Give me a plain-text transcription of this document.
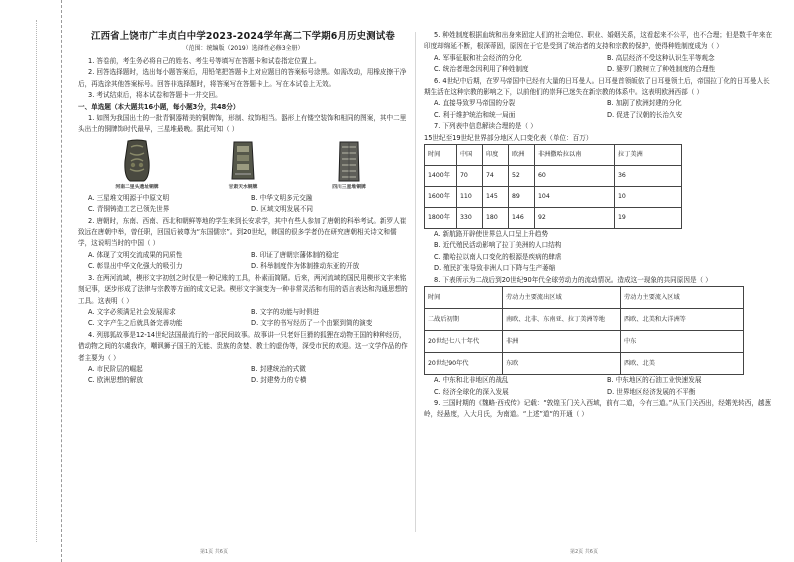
江西省上饶市广丰贞白中学2023-2024学年高二下学期6月历史测试卷
（范围：统编版（2019）选择性必修3全册）

1. 答卷前，考生务必将自己的姓名、考生号等填写在答题卡和试卷指定位置上。

2. 回答选择题时，选出每小题答案后，用铅笔把答题卡上对应题目的答案标号涂黑。如需改动，用橡皮擦干净后，再选涂其他答案标号。回答非选择题时，将答案写在答题卡上。写在本试卷上无效。

3. 考试结束后，将本试卷和答题卡一并交回。

一、单选题（本大题共16小题，每小题3分，共48分）

1. 如图为我国出土的一批青铜器精美的铜牌饰，形制、纹饰相当。器形上有镂空装饰和相同的图案，其中二里头出土的铜牌饰时代最早，三星堆最晚。据此可知（ ）

河南二里头遗址铜牌	甘肃天水铜牌	四川三星堆铜牌
A. 三星堆文明源于中原文明	B. 中华文明多元交融
C. 青铜铸造工艺已领先世界	D. 区域文明发展不同

2. 唐朝时，东南、西南、西北和朝鲜等地的学生来到长安求学，其中有些人参加了唐朝的科举考试。新罗人崔致远在唐朝中举，曾任职，回国后被尊为“东国儒宗”。到20世纪，韩国的很多学者仍在研究唐朝相关诗文和儒学，这说明当时的中国（ ）

A. 体现了文明交流成果的同质性	B. 印证了唐朝宗藩体制的稳定
C. 彰显出中华文化强大的吸引力	D. 科举制度作为体制推动东亚的开放

3. 在两河流域，楔形文字初创之时仅是一种记账的工具，朴素而简陋。后来，两河流域的国民用楔形文字来铭刻记事，逐步形成了法律与宗教等方面的成文记录。楔形文字演变为一种非常灵活和有用的语言表达和沟通思想的工具。这表明（ ）

A. 文字必须满足社会发展需求	B. 文字的功能与时俱进
C. 文字产生之后就具备完善功能	D. 文字的书写经历了一个由繁到简的演变

4. 列那狐故事是12-14世纪法国最流行的一部民间故事。故事讲一只老奸巨猾的狐狸在动物王国的种种经历，借动物之间的尔虞我诈，嘲讽狮子国王的无能、贵族的贪婪、教士的虚伪等，深受市民的欢迎。这一文学作品的作者主要为（ ）

A. 市民阶层的崛起	B. 封建统治的式微
C. 欧洲思想的解放	D. 封建势力的专横

5. 种姓制度根据血统和出身来固定人们的社会地位、职业、婚姻关系，这看起来不公平，也不合理；但是数千年来在印度却绵延不断，根深蒂固，原因在于它是受到了统治者的支持和宗教的保护，使得种姓制度成为（ ）

A. 军事征服和社会经济的分化	B. 高层经济不受这种认识生平等观念
C. 统治者理念因利用了种姓制度	D. 婆罗门教树立了种姓制度的合理性

6. 4世纪中后期，在罗马帝国中已经有大量的日耳曼人。日耳曼首领皈依了日耳曼领土后，帝国拉丁化的日耳曼人长期生活在这种宗教的影响之下，以前他们的崇拜已迷失在新宗教的体系中。这表明欧洲西部（ ）

A. 直接导致罗马帝国的分裂	B. 加剧了欧洲封建的分化
C. 利于维护统治和统一局面	D. 促进了汉朝的长治久安

7. 下列表中信息解读合理的是（ ）

15世纪至19世纪世界部分地区人口变化表（单位：百万）

时间	中国	印度	欧洲	非洲撒哈拉以南	拉丁美洲
1400年	70	74	52	60	36
1600年	110	145	89	104	10
1800年	330	180	146	92	19

A. 新航路开辟使世界总人口呈上升趋势

B. 近代殖民活动影响了拉丁美洲的人口结构

C. 撒哈拉以南人口变化的根源是疾病的肆虐

D. 殖民扩张导致非洲人口下降与生产萎缩

8. 下表所示为二战后到20世纪90年代全球劳动力的流动情况。造成这一现象的共同原因是（ ）

时间	劳动力主要流出区域	劳动力主要流入区域
二战后初期	南欧、北非、东南亚、拉丁美洲等地	西欧、北美和大洋洲等
20世纪七八十年代	非洲	中东
20世纪90年代	东欧	西欧、北美
A. 中东和北非地区的战乱	B. 中东地区的石油工业快速发展
C. 经济全球化的深入发展	D. 世界地区经济发展的不平衡

9. 三国时期的《魏略·西戎传》记载：“敦煌玉门关入西域，前有二道，今有三道。”从玉门关西出，经婼羌转西，越葱岭，经悬度，入大月氏，为南道。“上述”道“的开通（ ）

第1页 共6页	第2页 共6页
